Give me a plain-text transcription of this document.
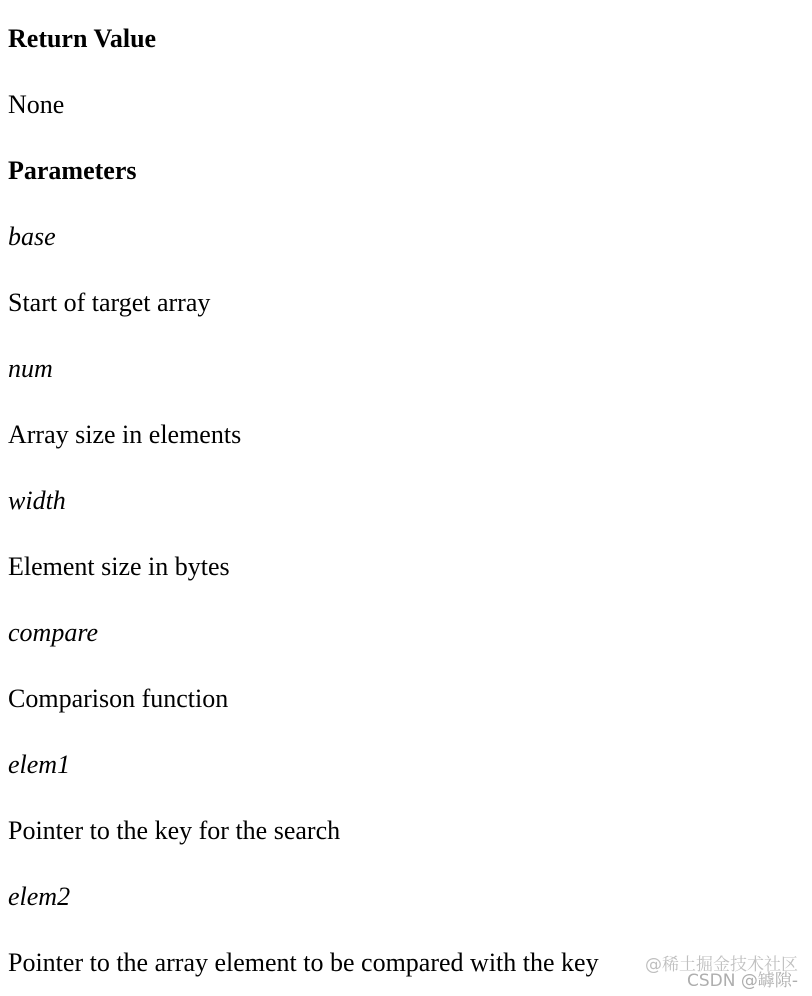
Return Value
None
Parameters
base
Start of target array
num
Array size in elements
width
Element size in bytes
compare
Comparison function
elem1
Pointer to the key for the search
elem2
Pointer to the array element to be compared with the key	@稀土掘金技术社区
CSDN @罅隙-
